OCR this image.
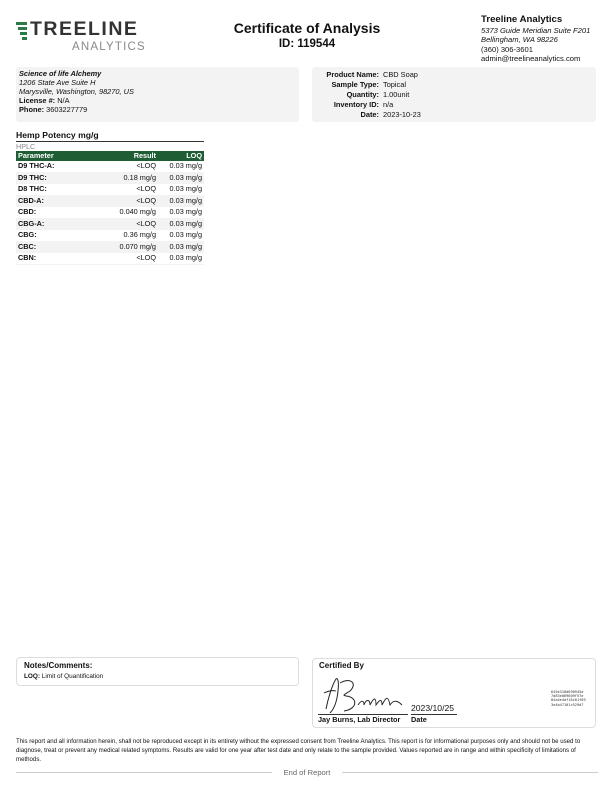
TREELINE
ANALYTICS
Certificate of Analysis
ID: 119544
Treeline Analytics
5373 Guide Meridian Suite F201
Bellingham, WA 98226
(360) 306-3601
admin@treelineanalytics.com
Science of life Alchemy
1206 State Ave Suite H
Marysville, Washington, 98270, US
License #: N/A
Phone: 3603227779
Product Name: CBD Soap
Sample Type: Topical
Quantity: 1.00unit
Inventory ID: n/a
Date: 2023-10-23
Hemp Potency mg/g
HPLC
Parameter	Result	LOQ
D9 THC-A:	<LOQ	0.03 mg/g
D9 THC:	0.18 mg/g	0.03 mg/g
D8 THC:	<LOQ	0.03 mg/g
CBD-A:	<LOQ	0.03 mg/g
CBD:	0.040 mg/g	0.03 mg/g
CBG-A:	<LOQ	0.03 mg/g
CBG:	0.36 mg/g	0.03 mg/g
CBC:	0.070 mg/g	0.03 mg/g
CBN:	<LOQ	0.03 mg/g
Notes/Comments:
LOQ: Limit of Quantification
Certified By
Jay Burns, Lab Director
2023/10/25
Date
645e318d690945a
7d83e069609f57e
84a4e4df16c01f09
3e4b47101c529d7
This report and all information herein, shall not be reproduced except in its entirety without the expressed consent from Treeline Analytics. This report is for informational purposes only and should not be used to diagnose, treat or prevent any medical related symptoms. Results are valid for one year after test date and only relate to the sample provided. Values reported are in range and within specificity of limitations of methods.
End of Report
